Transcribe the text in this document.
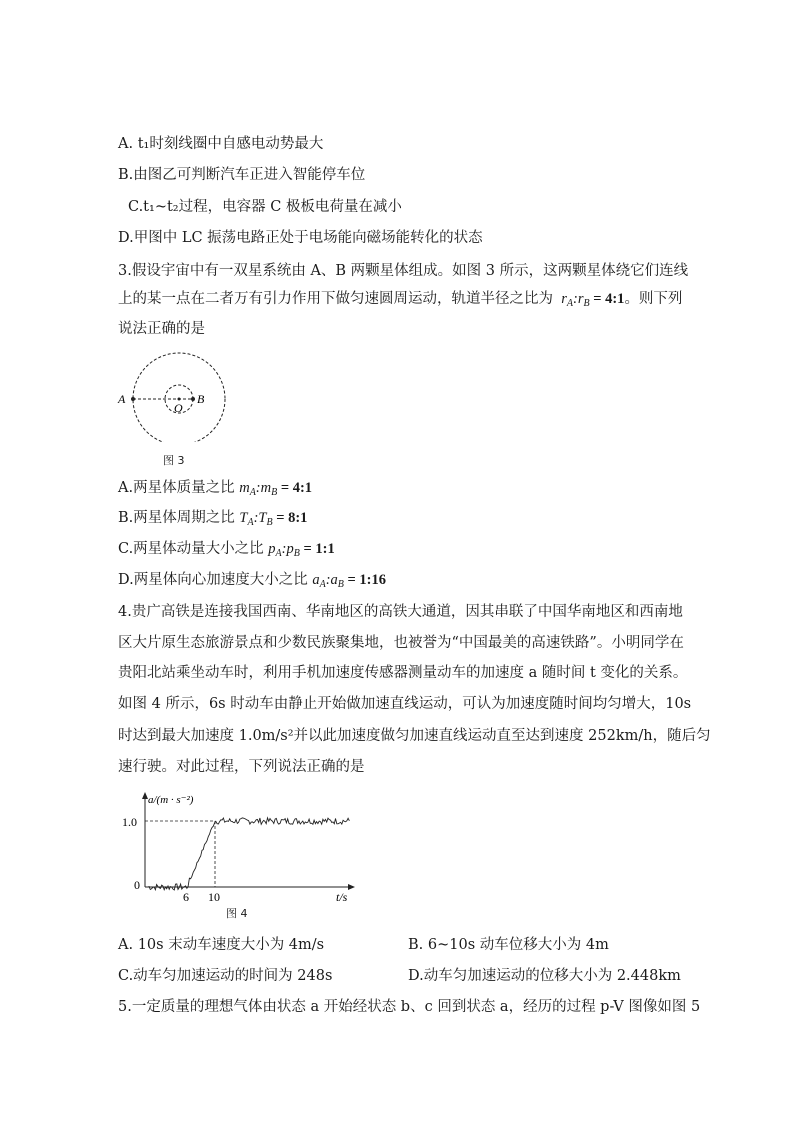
A. t₁时刻线圈中自感电动势最大
B.由图乙可判断汽车正进入智能停车位
C.t₁~t₂过程，电容器 C 极板电荷量在减小
D.甲图中 LC 振荡电路正处于电场能向磁场能转化的状态
3.假设宇宙中有一双星系统由 A、B 两颗星体组成。如图 3 所示，这两颗星体绕它们连线
上的某一点在二者万有引力作用下做匀速圆周运动，轨道半径之比为  $r_A:r_B$ = 4:1。则下列
说法正确的是
A
O
B
图 3
A.两星体质量之比 $m_A:m_B$ = 4:1
B.两星体周期之比 $T_A:T_B$ = 8:1
C.两星体动量大小之比 $p_A:p_B$ = 1:1
D.两星体向心加速度大小之比 $a_A:a_B$ = 1:16
4.贵广高铁是连接我国西南、华南地区的高铁大通道，因其串联了中国华南地区和西南地
区大片原生态旅游景点和少数民族聚集地，也被誉为“中国最美的高速铁路”。小明同学在
贵阳北站乘坐动车时，利用手机加速度传感器测量动车的加速度 a 随时间 t 变化的关系。
如图 4 所示，6s 时动车由静止开始做加速直线运动，可认为加速度随时间均匀增大，10s
时达到最大加速度 1.0m/s²并以此加速度做匀加速直线运动直至达到速度 252km/h，随后匀
速行驶。对此过程，下列说法正确的是
a/(m · s⁻²)
1.0
0
6 10	t/s
图 4
A. 10s 末动车速度大小为 4m/s	B. 6~10s 动车位移大小为 4m
C.动车匀加速运动的时间为 248s	D.动车匀加速运动的位移大小为 2.448km
5.一定质量的理想气体由状态 a 开始经状态 b、c 回到状态 a，经历的过程 p-V 图像如图 5
